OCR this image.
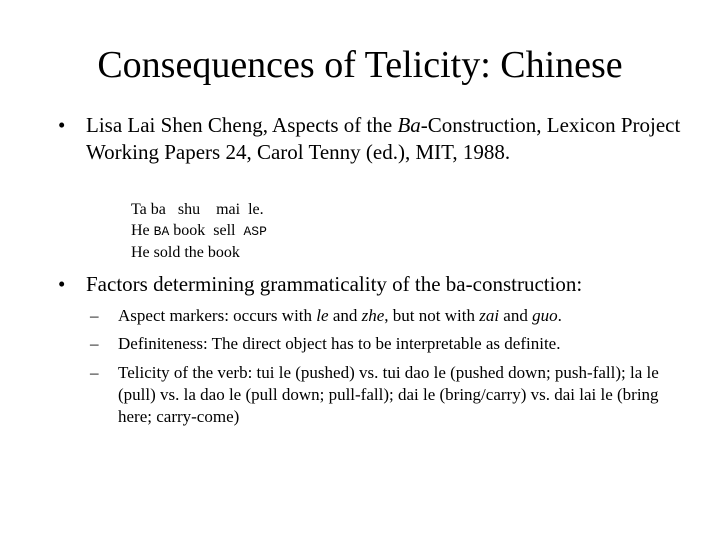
Consequences of Telicity: Chinese
• Lisa Lai Shen Cheng, Aspects of the Ba-Construction, Lexicon Project Working Papers 24, Carol Tenny (ed.), MIT, 1988.
Ta ba   shu    mai  le.
He BA book  sell  ASP
He sold the book
• Factors determining grammaticality of the ba-construction:
– Aspect markers: occurs with le and zhe, but not with zai and guo.
– Definiteness: The direct object has to be interpretable as definite.
– Telicity of the verb: tui le (pushed) vs. tui dao le (pushed down; push-fall); la le (pull) vs. la dao le (pull down; pull-fall); dai le (bring/carry) vs. dai lai le (bring here; carry-come)
